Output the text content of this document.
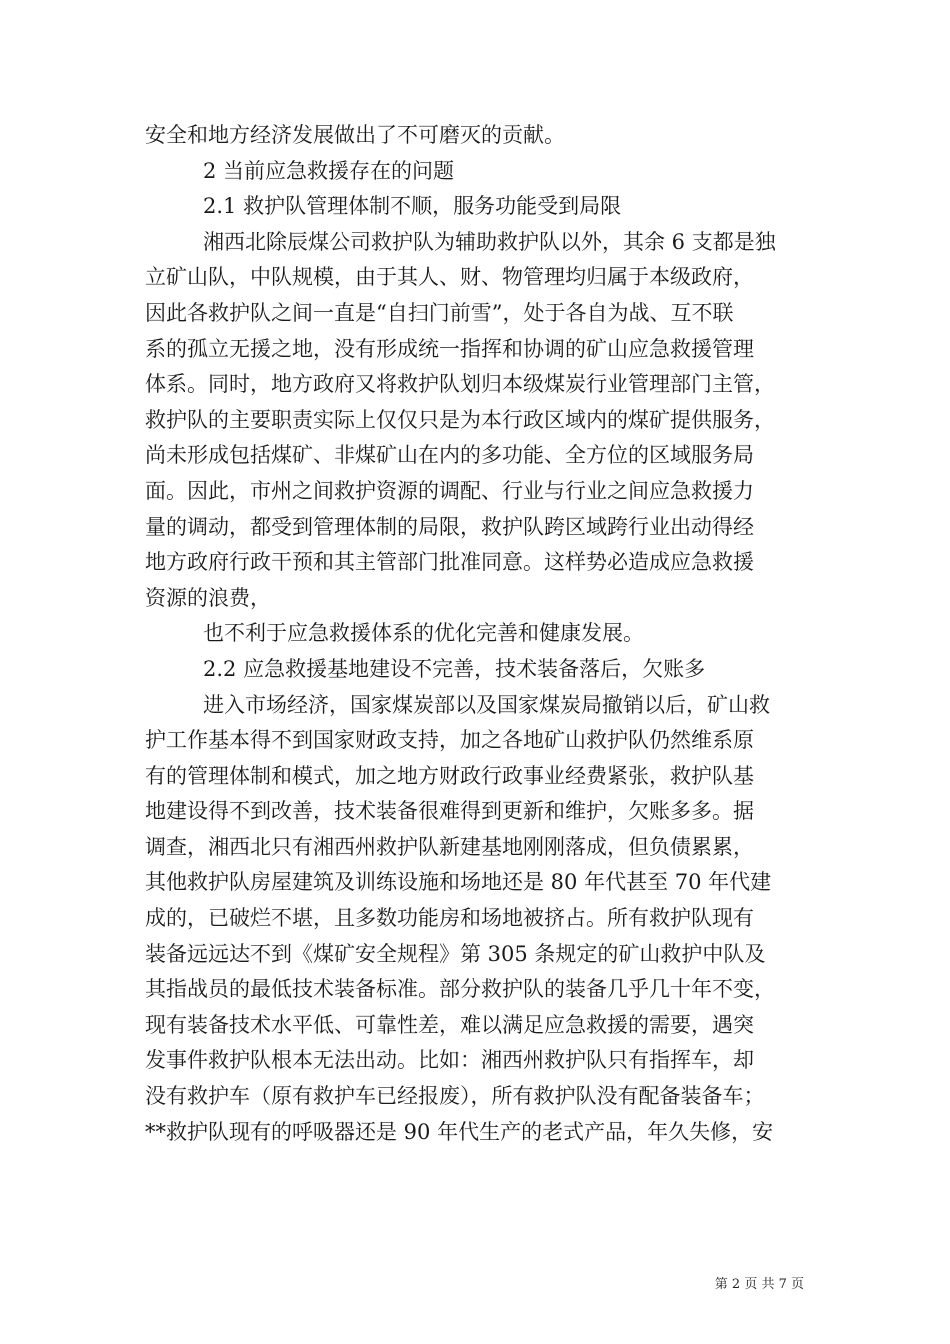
安全和地方经济发展做出了不可磨灭的贡献。
2 当前应急救援存在的问题
2.1 救护队管理体制不顺，服务功能受到局限
湘西北除辰煤公司救护队为辅助救护队以外，其余 6 支都是独
立矿山队，中队规模，由于其人、财、物管理均归属于本级政府，
因此各救护队之间一直是“自扫门前雪”，处于各自为战、互不联
系的孤立无援之地，没有形成统一指挥和协调的矿山应急救援管理
体系。同时，地方政府又将救护队划归本级煤炭行业管理部门主管，
救护队的主要职责实际上仅仅只是为本行政区域内的煤矿提供服务，
尚未形成包括煤矿、非煤矿山在内的多功能、全方位的区域服务局
面。因此，市州之间救护资源的调配、行业与行业之间应急救援力
量的调动，都受到管理体制的局限，救护队跨区域跨行业出动得经
地方政府行政干预和其主管部门批准同意。这样势必造成应急救援
资源的浪费，
也不利于应急救援体系的优化完善和健康发展。
2.2 应急救援基地建设不完善，技术装备落后，欠账多
进入市场经济，国家煤炭部以及国家煤炭局撤销以后，矿山救
护工作基本得不到国家财政支持，加之各地矿山救护队仍然维系原
有的管理体制和模式，加之地方财政行政事业经费紧张，救护队基
地建设得不到改善，技术装备很难得到更新和维护，欠账多多。据
调查，湘西北只有湘西州救护队新建基地刚刚落成，但负债累累，
其他救护队房屋建筑及训练设施和场地还是 80 年代甚至 70 年代建
成的，已破烂不堪，且多数功能房和场地被挤占。所有救护队现有
装备远远达不到《煤矿安全规程》第 305 条规定的矿山救护中队及
其指战员的最低技术装备标准。部分救护队的装备几乎几十年不变，
现有装备技术水平低、可靠性差，难以满足应急救援的需要，遇突
发事件救护队根本无法出动。比如：湘西州救护队只有指挥车，却
没有救护车（原有救护车已经报废），所有救护队没有配备装备车；
**救护队现有的呼吸器还是 90 年代生产的老式产品，年久失修，安
第 2 页 共 7 页
